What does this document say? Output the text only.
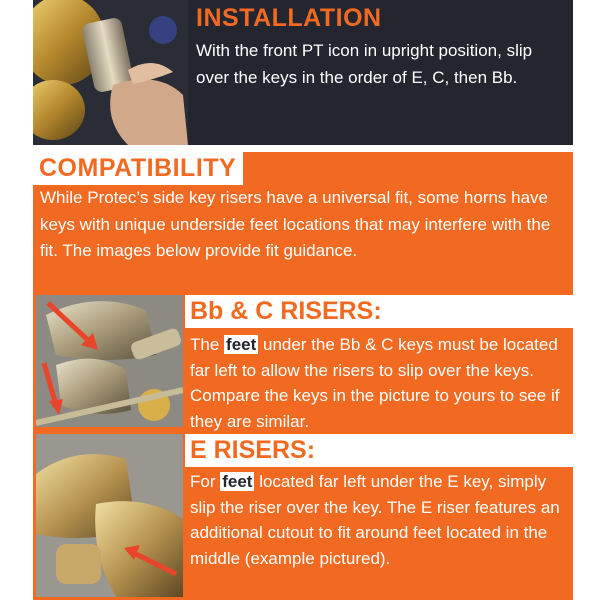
INSTALLATION
With the front PT icon in upright position, slip over the keys in the order of E, C, then Bb.
COMPATIBILITY
While Protec’s side key risers have a universal fit, some horns have keys with unique underside feet locations that may interfere with the fit. The images below provide fit guidance.
Bb & C RISERS:
The feet under the Bb & C keys must be located far left to allow the risers to slip over the keys. Compare the keys in the picture to yours to see if they are similar.
E RISERS:
For feet located far left under the E key, simply slip the riser over the key. The E riser features an additional cutout to fit around feet located in the middle (example pictured).
